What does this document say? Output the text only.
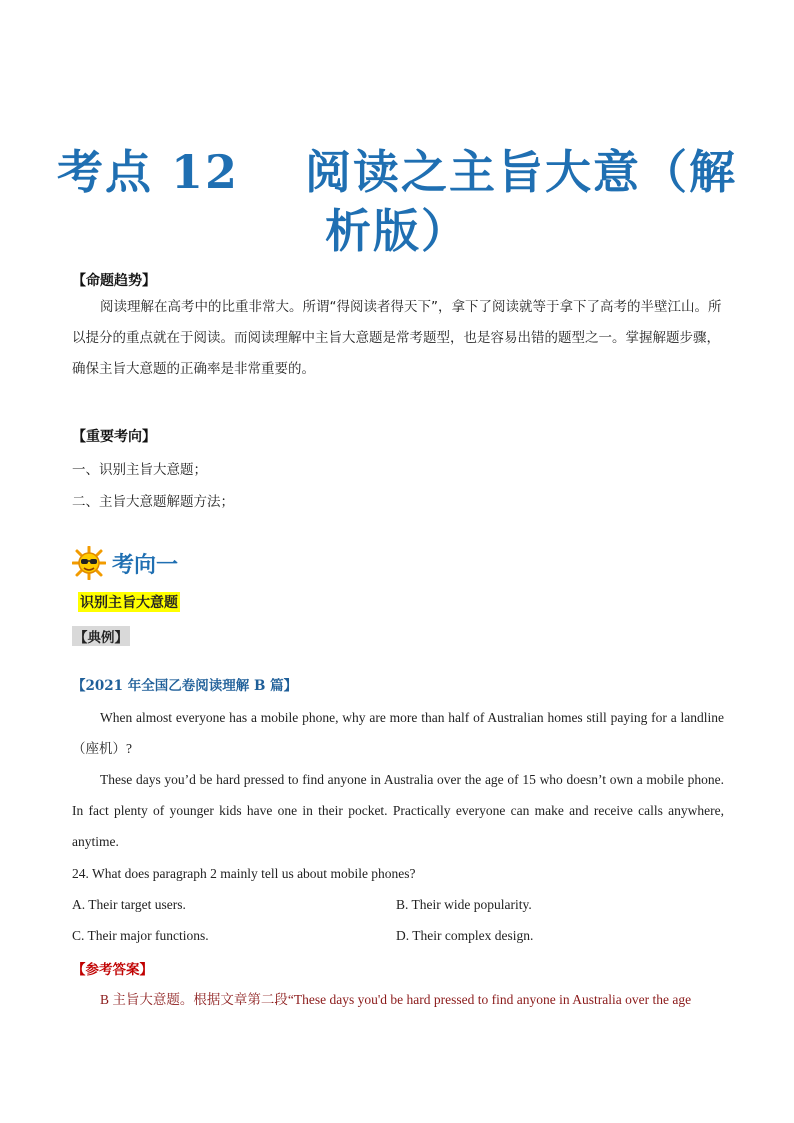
考点 12　 阅读之主旨大意（解
析版）
【命题趋势】
阅读理解在高考中的比重非常大。所谓“得阅读者得天下”，拿下了阅读就等于拿下了高考的半壁江山。所以提分的重点就在于阅读。而阅读理解中主旨大意题是常考题型，也是容易出错的题型之一。掌握解题步骤，确保主旨大意题的正确率是非常重要的。
【重要考向】
一、识别主旨大意题；
二、主旨大意题解题方法；
考向一
识别主旨大意题
【典例】
【2021 年全国乙卷阅读理解 B 篇】
When almost everyone has a mobile phone, why are more than half of Australian homes still paying for a landline（座机）?
These days you’d be hard pressed to find anyone in Australia over the age of 15 who doesn’t own a mobile phone. In fact plenty of younger kids have one in their pocket. Practically everyone can make and receive calls anywhere, anytime.
24. What does paragraph 2 mainly tell us about mobile phones?
A. Their target users.	B. Their wide popularity.
C. Their major functions.	D. Their complex design.
【参考答案】
B 主旨大意题。根据文章第二段“These days you'd be hard pressed to find anyone in Australia over the age
